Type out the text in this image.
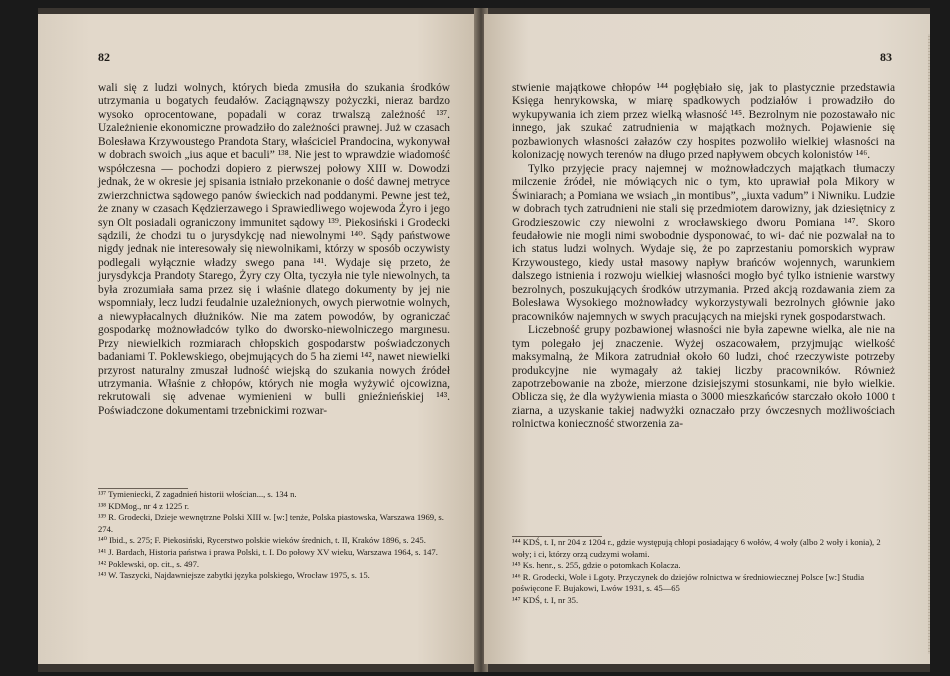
82

wali się z ludzi wolnych, których bieda zmusiła do szukania środków utrzymania u bogatych feudałów. Zaciągnąwszy pożyczki, nieraz bardzo wysoko oprocentowane, popadali w coraz trwalszą zależność ¹³⁷. Uzależnienie ekonomiczne prowadziło do zależności prawnej. Już w czasach Bolesława Krzywoustego Prandota Stary, właściciel Prandocina, wykonywał w dobrach swoich „ius aque et baculi” ¹³⁸. Nie jest to wprawdzie wiadomość współczesna — pochodzi dopiero z pierwszej połowy XIII w. Dowodzi jednak, że w okresie jej spisania istniało przekonanie o dość dawnej metryce zwierzchnictwa sądowego panów świeckich nad poddanymi. Pewne jest też, że znany w czasach Kędzierzawego i Sprawiedliwego wojewoda Żyro i jego syn Olt posiadali ograniczony immunitet sądowy ¹³⁹. Piekosiński i Grodecki sądzili, że chodzi tu o jurysdykcję nad niewolnymi ¹⁴⁰. Sądy państwowe nigdy jednak nie interesowały się niewolnikami, którzy w sposób oczywisty podlegali wyłącznie władzy swego pana ¹⁴¹. Wydaje się przeto, że jurysdykcja Prandoty Starego, Żyry czy Olta, tyczyła nie tyle niewolnych, ta była zrozumiała sama przez się i właśnie dlatego dokumenty by jej nie wspomniały, lecz ludzi feudalnie uzależnionych, owych pierwotnie wolnych, a niewypłacalnych dłużników. Nie ma zatem powodów, by ograniczać gospodarkę możnowładców tylko do dworsko-niewolniczego margınesu. Przy niewielkich rozmiarach chłopskich gospodarstw poświadczonych badaniami T. Poklewskiego, obejmujących do 5 ha ziemi ¹⁴², nawet niewielki przyrost naturalny zmuszał ludność wiejską do szukania nowych źródeł utrzymania. Właśnie z chłopów, których nie mogła wyżywić ojcowizna, rekrutowali się advenae wymienieni w bulli gnieźnieńskiej ¹⁴³. Poświadczone dokumentami trzebnickimi rozwar-

¹³⁷ Tymieniecki, Z zagadnień historii włościan..., s. 134 n.
¹³⁸ KDMog., nr 4 z 1225 r.
¹³⁹ R. Grodecki, Dzieje wewnętrzne Polski XIII w. [w:] tenże, Polska piastowska, Warszawa 1969, s. 274.
¹⁴⁰ Ibid., s. 275; F. Piekosiński, Rycerstwo polskie wieków średnich, t. II, Kraków 1896, s. 245.
¹⁴¹ J. Bardach, Historia państwa i prawa Polski, t. I. Do połowy XV wieku, Warszawa 1964, s. 147.
¹⁴² Poklewski, op. cit., s. 497.
¹⁴³ W. Taszycki, Najdawniejsze zabytki języka polskiego, Wrocław 1975, s. 15.
83

stwienie majątkowe chłopów ¹⁴⁴ pogłębiało się, jak to plastycznie przedstawia Księga henrykowska, w miarę spadkowych podziałów i prowadziło do wykupywania ich ziem przez wielką własność ¹⁴⁵. Bezrolnym nie pozostawało nic innego, jak szukać zatrudnienia w majątkach możnych. Pojawienie się pozbawionych własności załazów czy hospites pozwoliło wielkiej własności na kolonizację nowych terenów na długo przed napływem obcych kolonistów ¹⁴⁶.

Tylko przyjęcie pracy najemnej w możnowładczych majątkach tłumaczy milczenie źródeł, nie mówiących nic o tym, kto uprawiał pola Mikory w Świniarach; a Pomiana we wsiach „in montibus”, „iuxta vadum” i Niwniku. Ludzie w dobrach tych zatrudnieni nie stali się przedmiotem darowizny, jak dziesiętnicy z Grodzieszowic czy niewolni z wrocławskiego dworu Pomiana ¹⁴⁷. Skoro feudałowie nie mogli nimi swobodnie dysponować, to wi- dać nie pozwalał na to ich status ludzi wolnych. Wydaje się, że po zaprzestaniu pomorskich wypraw Krzywoustego, kiedy ustał masowy napływ brańców wojennych, warunkiem dalszego istnienia i rozwoju wielkiej własności mogło być tylko istnienie warstwy bezrolnych, poszukujących środków utrzymania. Przed akcją rozdawania ziem za Bolesława Wysokiego możnowładcy wykorzystywali bezrolnych głównie jako pracowników najemnych w swych pracujących na miejski rynek gospodarstwach.

Liczebność grupy pozbawionej własności nie była zapewne wielka, ale nie na tym polegało jej znaczenie. Wyżej oszacowałem, przyjmując wielkość maksymalną, że Mikora zatrudniał około 60 ludzi, choć rzeczywiste potrzeby produkcyjne nie wymagały aż takiej liczby pracowników. Również zapotrzebowanie na zboże, mierzone dzisiejszymi stosunkami, nie było wielkie. Oblicza się, że dla wyżywienia miasta o 3000 mieszkańców starczało około 1000 t ziarna, a uzyskanie takiej nadwyżki oznaczało przy ówczesnych możliwościach rolnictwa konieczność stworzenia za-

¹⁴⁴ KDŚ, t. I, nr 204 z 1204 r., gdzie występują chłopi posiadający 6 wołów, 4 woły (albo 2 woły i konia), 2 woły; i ci, którzy orzą cudzymi wołami.
¹⁴⁵ Ks. henr., s. 255, gdzie o potomkach Kolacza.
¹⁴⁶ R. Grodecki, Wole i Lgoty. Przyczynek do dziejów rolnictwa w średniowiecznej Polsce [w:] Studia poświęcone F. Bujakowi, Lwów 1931, s. 45—65
¹⁴⁷ KDŚ, t. I, nr 35.
